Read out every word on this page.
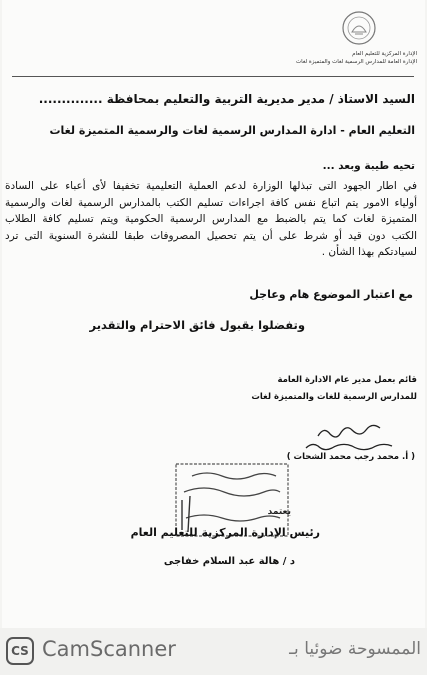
الإدارة المركزية للتعليم العام
الإدارة العامة للمدارس الرسمية لغات والمتميزة لغات
السيد الاستاذ / مدير مديرية التربية والتعليم بمحافظة ..............
التعليم العام - ادارة المدارس الرسمية لغات والرسمية المتميزة لغات
تحيه طيبة وبعد ...
في اطار الجهود التى تبذلها الوزارة لدعم العملية التعليمية تخفيفا لأى أعباء على السادة
أولياء الامور يتم اتباع نفس كافة اجراءات تسليم الكتب بالمدارس الرسمية لغات والرسمية
المتميزة لغات كما يتم بالضبط مع المدارس الرسمية الحكومية ويتم تسليم كافة الطلاب
الكتب دون قيد أو شرط على أن يتم تحصيل المصروفات طبقا للنشرة السنوية التى ترد
لسيادتكم بهذا الشأن .
مع اعتبار الموضوع هام وعاجل
وتفضلوا بقبول فائق الاحترام والتقدير
قائم بعمل مدير عام الادارة العامة
للمدارس الرسمية للغات والمتميزة لغات
( أ. محمد رجب محمد الشحات )
يعتمد
رئيس الإدارة المركزية للتعليم العام
د / هالة عبد السلام خفاجى
CS CamScanner	الممسوحة ضوئيا بـ
